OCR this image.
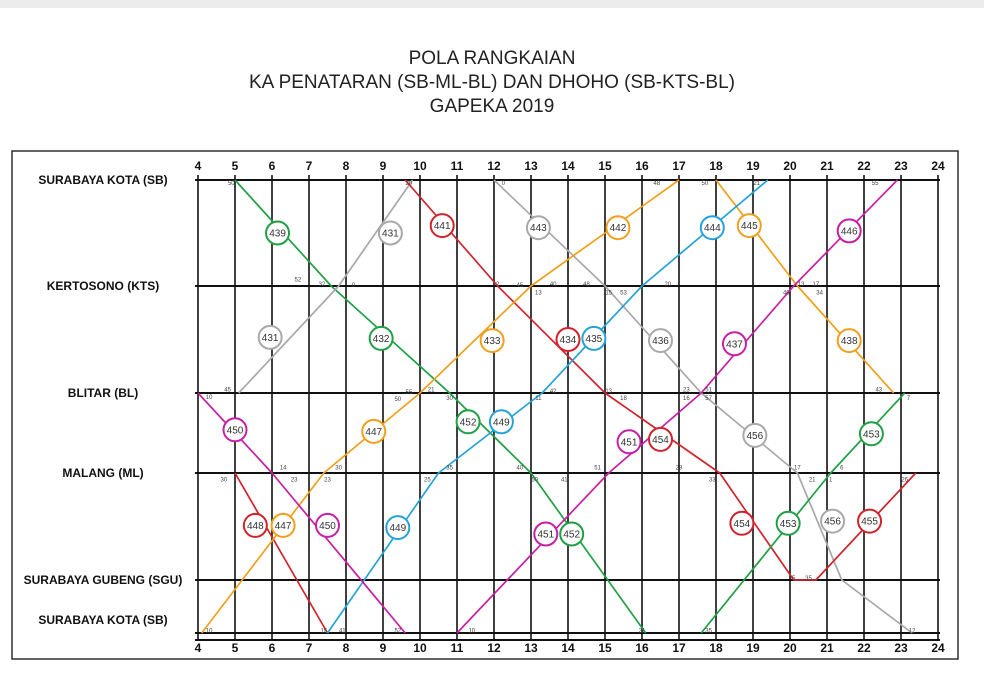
POLA RANGKAIAN
KA PENATARAN (SB-ML-BL) DAN DHOHO (SB-KTS-BL)
GAPEKA 2019
4
4
5
5
6
6
7
7
8
8
9
9
10
10
11
11
12
12
13
13
14
14
15
15
16
16
17
17
18
18
19
19
20
20
21
21
22
22
23
23
24
24
SURABAYA KOTA (SB)
KERTOSONO (KTS)
BLITAR (BL)
MALANG (ML)
SURABAYA GUBENG (SGU)
SURABAYA KOTA (SB)
50	20	0	48	50	21	55
52
32	0	2	45	40
13
48
15 53
20
46
13 17
34
45
10
55
50
21
30
42
11
13
18
23	51
16	57
43
7
14
23
30
23
30
35
25
40
50
51
41
28
33
17
21 1
6
26
5 35
10	15 41	52	10	21	35	12
439	431
441	443	442	444 445	446
431	432	433	434 435	436	437	438
450	447
452 449
451 454	456	453
448 447	450	449
451 452
454	453	456 455
